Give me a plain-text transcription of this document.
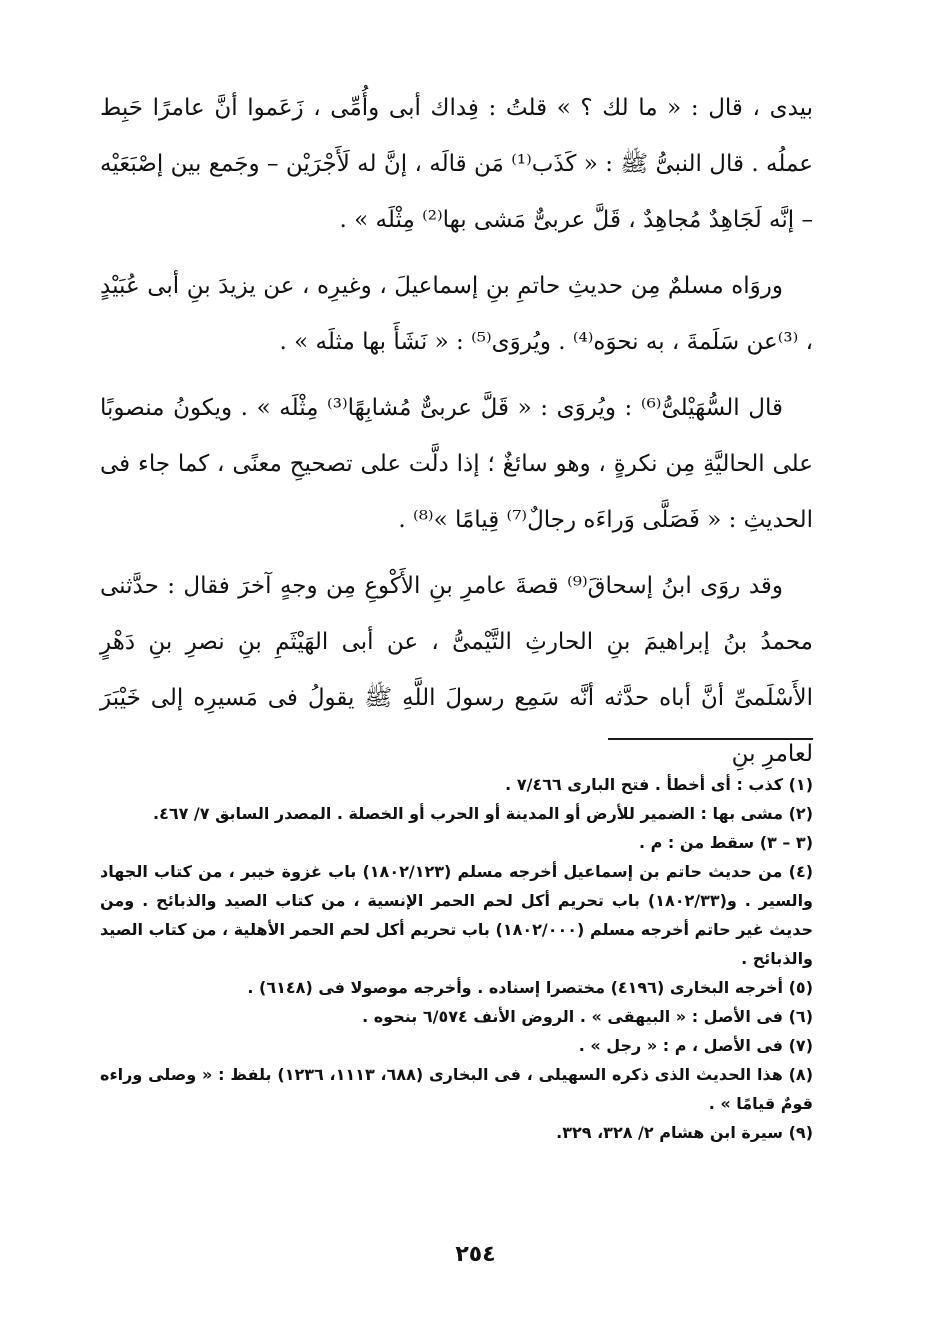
بيدى ، قال : « ما لك ؟ » قلتُ : فِداك أبى وأُمِّى ، زَعَموا أنَّ عامرًا حَبِط عملُه . قال النبىُّ ﷺ : « كَذَب⁽¹⁾ مَن قالَه ، إنَّ له لَأَجْرَيْن – وجَمع بين إصْبَعَيْه – إنَّه لَجَاهِدٌ مُجاهِدٌ ، قَلَّ عربىٌّ مَشى بها⁽²⁾ مِثْلَه » .

وروَاه مسلمٌ مِن حديثِ حاتمِ بنِ إسماعيلَ ، وغيرِه ، عن يزيدَ بنِ أبى عُبَيْدٍ ، ⁽³⁾عن سَلَمةَ ، به نحوَه⁽⁴⁾ . ويُروَى⁽⁵⁾ : « نَشَأَ بها مثلَه » .

قال السُّهَيْلىُّ⁽⁶⁾ : ويُروَى : « قَلَّ عربىٌّ مُشابِهًا⁽³⁾ مِثْلَه » . ويكونُ منصوبًا على الحاليَّةِ مِن نكرةٍ ، وهو سائغٌ ؛ إذا دلَّت على تصحيحِ معنًى ، كما جاء فى الحديثِ : « فَصَلَّى وَراءَه رجالٌ⁽⁷⁾ قِيامًا »⁽⁸⁾ .

وقد روَى ابنُ إسحاقَ⁽⁹⁾ قصةَ عامرِ بنِ الأَكْوعِ مِن وجهٍ آخرَ فقال : حدَّثنى محمدُ بنُ إبراهيمَ بنِ الحارثِ التَّيْمىُّ ، عن أبى الهَيْثَمِ بنِ نصرِ بنِ دَهْرٍ الأَسْلَمىِّ أنَّ أباه حدَّثه أنَّه سَمِع رسولَ اللَّهِ ﷺ يقولُ فى مَسيرِه إلى خَيْبَرَ لعامرِ بنِ

(١) كذب : أى أخطأ . فتح البارى ٧/٤٦٦ .

(٢) مشى بها : الضمير للأرض أو المدينة أو الحرب أو الخصلة . المصدر السابق ٧/ ٤٦٧.

(٣ – ٣) سقط من : م .

(٤) من حديث حاتم بن إسماعيل أخرجه مسلم (١٨٠٢/١٢٣) باب غزوة خيبر ، من كتاب الجهاد والسير . و(١٨٠٢/٣٣) باب تحريم أكل لحم الحمر الإنسية ، من كتاب الصيد والذبائح . ومن حديث غير حاتم أخرجه مسلم (١٨٠٢/٠٠٠) باب تحريم أكل لحم الحمر الأهلية ، من كتاب الصيد والذبائح .

(٥) أخرجه البخارى (٤١٩٦) مختصرا إسناده . وأخرجه موصولا فى (٦١٤٨) .

(٦) فى الأصل : « البيهقى » . الروض الأنف ٦/٥٧٤ بنحوه .

(٧) فى الأصل ، م : « رجل » .

(٨) هذا الحديث الذى ذكره السهيلى ، فى البخارى (٦٨٨، ١١١٣، ١٢٣٦) بلفظ : « وصلى وراءه قومٌ قيامًا » .

(٩) سيرة ابن هشام ٢/ ٣٢٨، ٣٢٩.

٢٥٤
